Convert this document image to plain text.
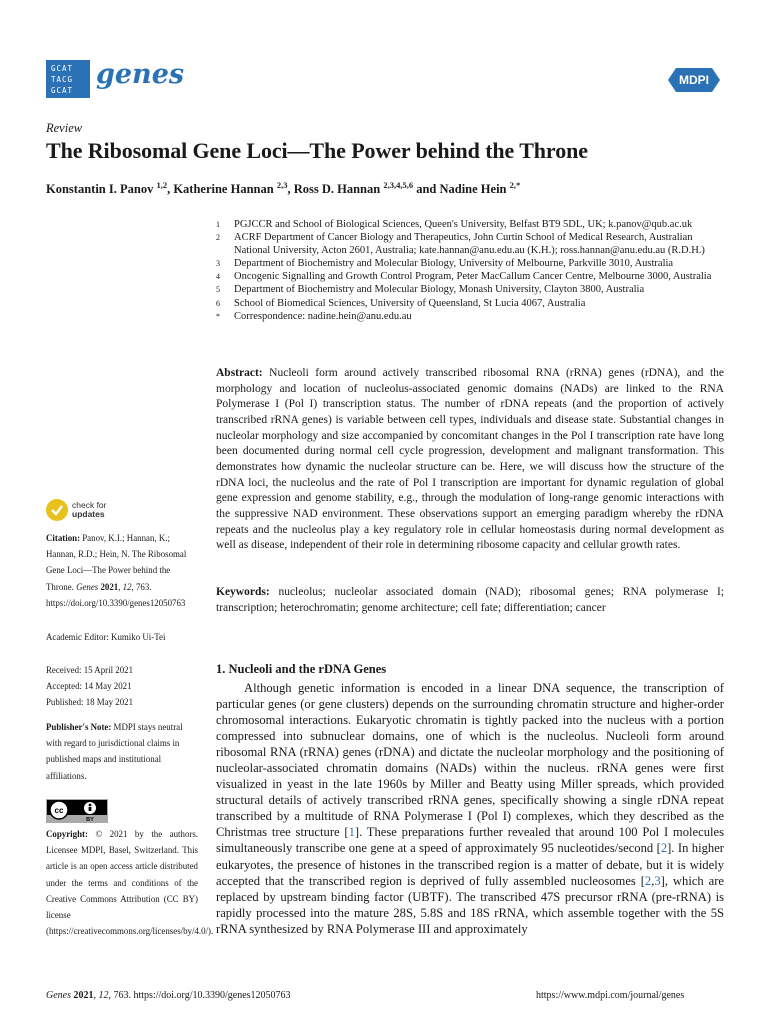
GCAT
TACG
GCAT
genes	MDPI
Review
The Ribosomal Gene Loci—The Power behind the Throne
Konstantin I. Panov $^{1,2}$, Katherine Hannan $^{2,3}$, Ross D. Hannan $^{2,3,4,5,6}$ and Nadine Hein $^{2,*}$
1	PGJCCR and School of Biological Sciences, Queen's University, Belfast BT9 5DL, UK; k.panov@qub.ac.uk
2	ACRF Department of Cancer Biology and Therapeutics, John Curtin School of Medical Research, Australian National University, Acton 2601, Australia; kate.hannan@anu.edu.au (K.H.); ross.hannan@anu.edu.au (R.D.H.)
3	Department of Biochemistry and Molecular Biology, University of Melbourne, Parkville 3010, Australia
4	Oncogenic Signalling and Growth Control Program, Peter MacCallum Cancer Centre, Melbourne 3000, Australia
5	Department of Biochemistry and Molecular Biology, Monash University, Clayton 3800, Australia
6	School of Biomedical Sciences, University of Queensland, St Lucia 4067, Australia
*	Correspondence: nadine.hein@anu.edu.au
Abstract: Nucleoli form around actively transcribed ribosomal RNA (rRNA) genes (rDNA), and the morphology and location of nucleolus-associated genomic domains (NADs) are linked to the RNA Polymerase I (Pol I) transcription status. The number of rDNA repeats (and the proportion of actively transcribed rRNA genes) is variable between cell types, individuals and disease state. Substantial changes in nucleolar morphology and size accompanied by concomitant changes in the Pol I transcription rate have long been documented during normal cell cycle progression, development and malignant transformation. This demonstrates how dynamic the nucleolar structure can be. Here, we will discuss how the structure of the rDNA loci, the nucleolus and the rate of Pol I transcription are important for dynamic regulation of global gene expression and genome stability, e.g., through the modulation of long-range genomic interactions with the suppressive NAD environment. These observations support an emerging paradigm whereby the rDNA repeats and the nucleolus play a key regulatory role in cellular homeostasis during normal development as well as disease, independent of their role in determining ribosome capacity and cellular growth rates.
Keywords: nucleolus; nucleolar associated domain (NAD); ribosomal genes; RNA polymerase I; transcription; heterochromatin; genome architecture; cell fate; differentiation; cancer
check for
updates
Citation: Panov, K.I.; Hannan, K.; Hannan, R.D.; Hein, N. The Ribosomal Gene Loci—The Power behind the Throne. Genes 2021, 12, 763. https://doi.org/10.3390/genes12050763
Academic Editor: Kumiko Ui-Tei
Received: 15 April 2021
Accepted: 14 May 2021
Published: 18 May 2021
Publisher's Note: MDPI stays neutral with regard to jurisdictional claims in published maps and institutional affiliations.
cc
BY
Copyright: © 2021 by the authors. Licensee MDPI, Basel, Switzerland. This article is an open access article distributed under the terms and conditions of the Creative Commons Attribution (CC BY) license (https://creativecommons.org/licenses/by/4.0/).
1. Nucleoli and the rDNA Genes

Although genetic information is encoded in a linear DNA sequence, the transcription of particular genes (or gene clusters) depends on the surrounding chromatin structure and higher-order chromosomal interactions. Eukaryotic chromatin is tightly packed into the nucleus with a portion compressed into subnuclear domains, one of which is the nucleolus. Nucleoli form around ribosomal RNA (rRNA) genes (rDNA) and dictate the nucleolar morphology and the positioning of nucleolar-associated chromatin domains (NADs) within the nucleus. rRNA genes were first visualized in yeast in the late 1960s by Miller and Beatty using Miller spreads, which provided structural details of actively transcribed rRNA genes, specifically showing a single rDNA repeat transcribed by a multitude of RNA Polymerase I (Pol I) complexes, which they described as the Christmas tree structure [1]. These preparations further revealed that around 100 Pol I molecules simultaneously transcribe one gene at a speed of approximately 95 nucleotides/second [2]. In higher eukaryotes, the presence of histones in the transcribed region is a matter of debate, but it is widely accepted that the transcribed region is deprived of fully assembled nucleosomes [2,3], which are replaced by upstream binding factor (UBTF). The transcribed 47S precursor rRNA (pre-rRNA) is rapidly processed into the mature 28S, 5.8S and 18S rRNA, which assemble together with the 5S rRNA synthesized by RNA Polymerase III and approximately

Genes 2021, 12, 763. https://doi.org/10.3390/genes12050763	https://www.mdpi.com/journal/genes
